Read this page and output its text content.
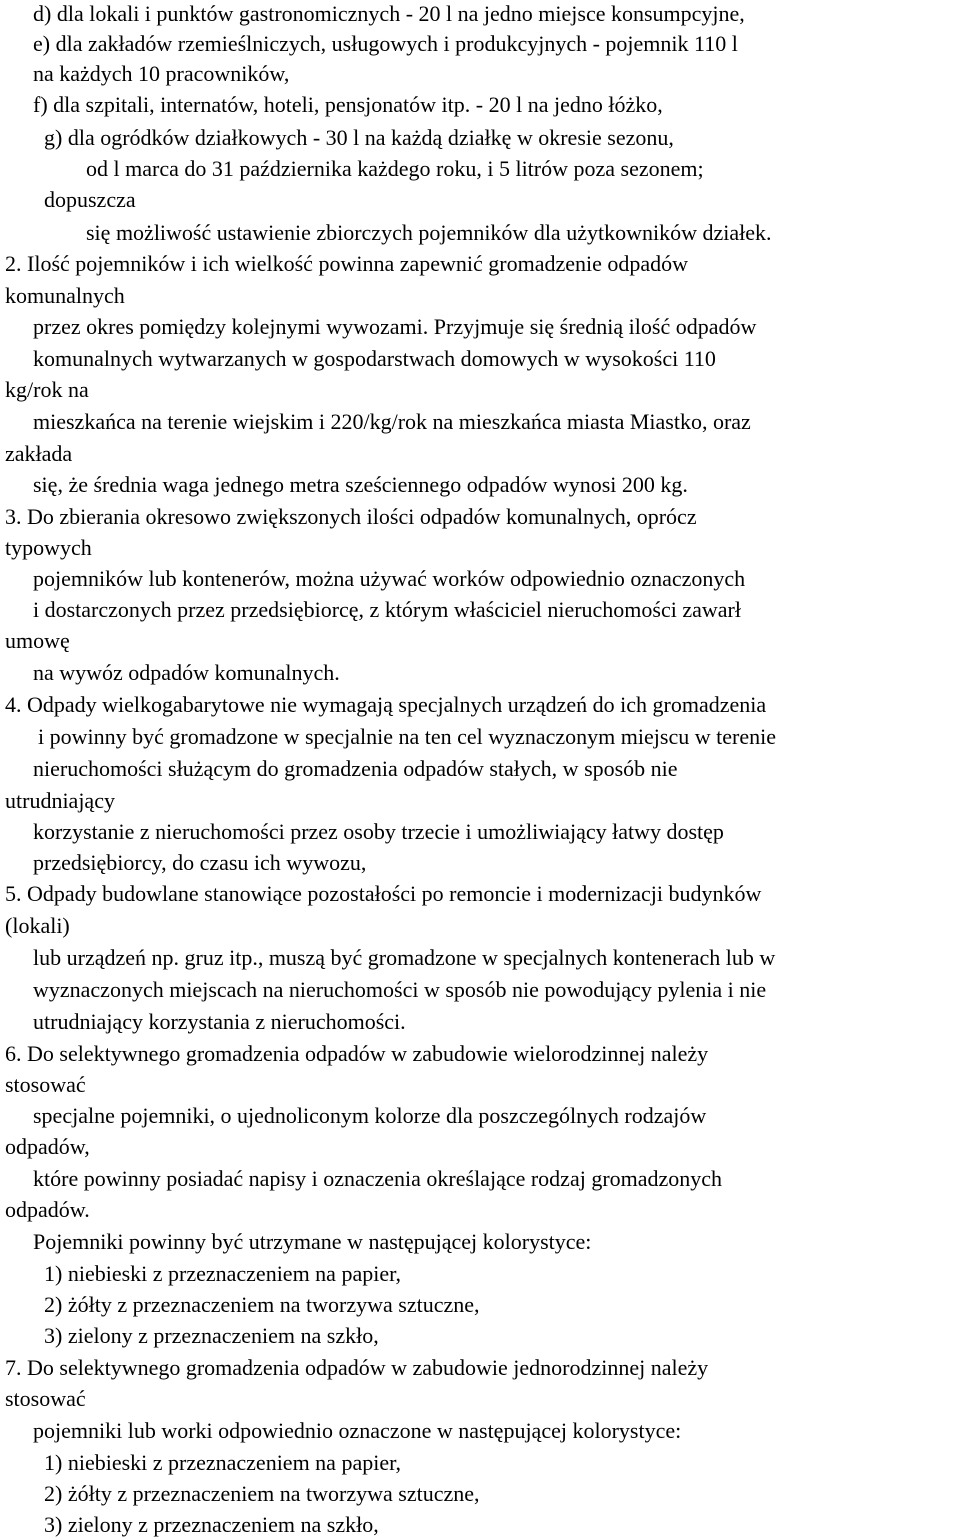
d) dla lokali i punktów gastronomicznych - 20 l na jedno miejsce konsumpcyjne,
e) dla zakładów rzemieślniczych, usługowych i produkcyjnych - pojemnik 110 l
na każdych 10 pracowników,
f) dla szpitali, internatów, hoteli, pensjonatów itp. - 20 l na jedno łóżko,
g) dla ogródków działkowych - 30 l na każdą działkę w okresie sezonu,
od l marca do 31 października każdego roku, i 5 litrów poza sezonem;
dopuszcza
się możliwość ustawienie zbiorczych pojemników dla użytkowników działek.
2. Ilość pojemników i ich wielkość powinna zapewnić gromadzenie odpadów
komunalnych
przez okres pomiędzy kolejnymi wywozami. Przyjmuje się średnią ilość odpadów
komunalnych wytwarzanych w gospodarstwach domowych w wysokości 110
kg/rok na
mieszkańca na terenie wiejskim i 220/kg/rok na mieszkańca miasta Miastko, oraz
zakłada
się, że średnia waga jednego metra sześciennego odpadów wynosi 200 kg.
3. Do zbierania okresowo zwiększonych ilości odpadów komunalnych, oprócz
typowych
pojemników lub kontenerów, można używać worków odpowiednio oznaczonych
i dostarczonych przez przedsiębiorcę, z którym właściciel nieruchomości zawarł
umowę
na wywóz odpadów komunalnych.
4. Odpady wielkogabarytowe nie wymagają specjalnych urządzeń do ich gromadzenia
i powinny być gromadzone w specjalnie na ten cel wyznaczonym miejscu w terenie
nieruchomości służącym do gromadzenia odpadów stałych, w sposób nie
utrudniający
korzystanie z nieruchomości przez osoby trzecie i umożliwiający łatwy dostęp
przedsiębiorcy, do czasu ich wywozu,
5. Odpady budowlane stanowiące pozostałości po remoncie i modernizacji budynków
(lokali)
lub urządzeń np. gruz itp., muszą być gromadzone w specjalnych kontenerach lub w
wyznaczonych miejscach na nieruchomości w sposób nie powodujący pylenia i nie
utrudniający korzystania z nieruchomości.
6. Do selektywnego gromadzenia odpadów w zabudowie wielorodzinnej należy
stosować
specjalne pojemniki, o ujednoliconym kolorze dla poszczególnych rodzajów
odpadów,
które powinny posiadać napisy i oznaczenia określające rodzaj gromadzonych
odpadów.
Pojemniki powinny być utrzymane w następującej kolorystyce:
1) niebieski z przeznaczeniem na papier,
2) żółty z przeznaczeniem na tworzywa sztuczne,
3) zielony z przeznaczeniem na szkło,
7. Do selektywnego gromadzenia odpadów w zabudowie jednorodzinnej należy
stosować
pojemniki lub worki odpowiednio oznaczone w następującej kolorystyce:
1) niebieski z przeznaczeniem na papier,
2) żółty z przeznaczeniem na tworzywa sztuczne,
3) zielony z przeznaczeniem na szkło,
